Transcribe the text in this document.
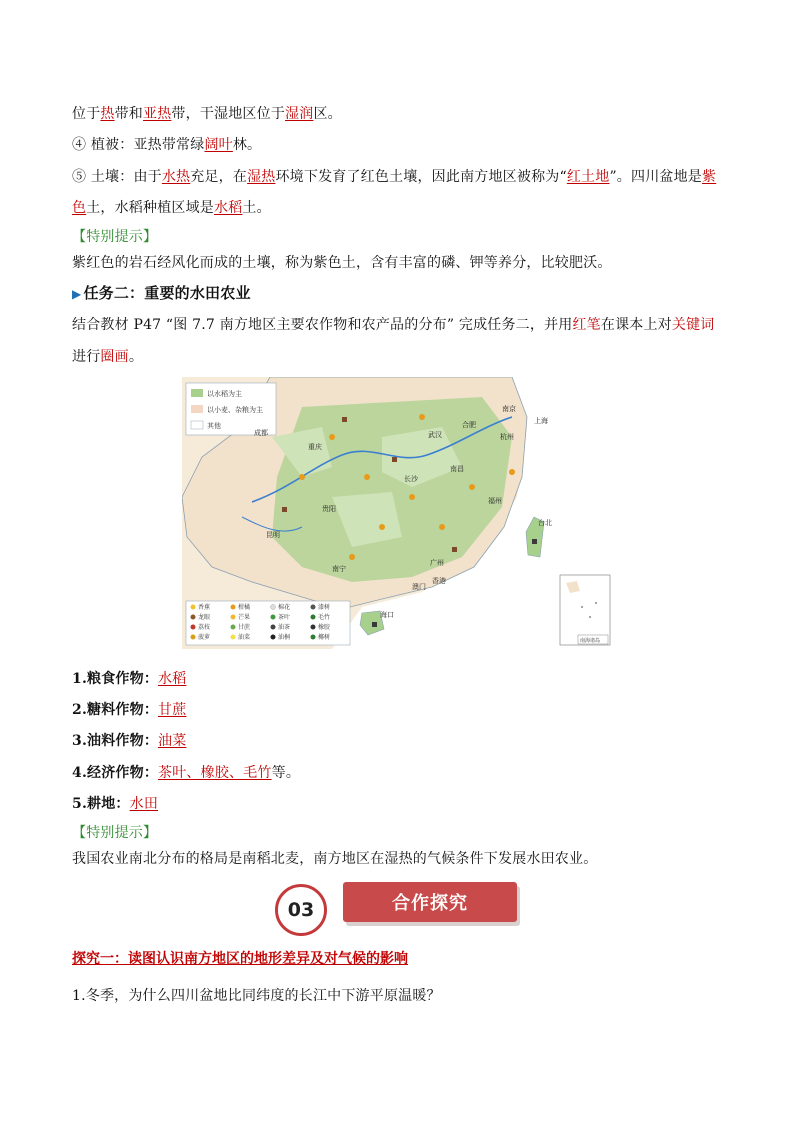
位于热带和亚热带，干湿地区位于湿润区。
④ 植被：亚热带常绿阔叶林。
⑤ 土壤：由于水热充足，在湿热环境下发育了红色土壤，因此南方地区被称为“红土地”。四川盆地是紫
色土，水稻种植区域是水稻土。
【特别提示】
紫红色的岩石经风化而成的土壤，称为紫色土，含有丰富的磷、钾等养分，比较肥沃。
▶ 任务二：重要的水田农业
结合教材 P47 “图 7.7 南方地区主要农作物和农产品的分布” 完成任务二，并用红笔在课本上对关键词
进行圈画。
以水稻为主
以小麦、杂粮为主
其他
成都
重庆
武汉
合肥
南京
上海
杭州
南昌
长沙
贵阳
福州
台北
昆明
南宁
广州
香港
澳门
海口
香蕉	柑橘	棉花	漆树
龙眼	芒果	茶叶	毛竹
荔枝	甘蔗	油茶	橡胶
菠萝	油菜	油桐	椰树	南海诸岛
1.粮食作物：水稻
2.糖料作物：甘蔗
3.油料作物：油菜
4.经济作物：茶叶、橡胶、毛竹等。
5.耕地：水田
【特别提示】
我国农业南北分布的格局是南稻北麦，南方地区在湿热的气候条件下发展水田农业。
03	合作探究
探究一：读图认识南方地区的地形差异及对气候的影响
1.冬季，为什么四川盆地比同纬度的长江中下游平原温暖？
